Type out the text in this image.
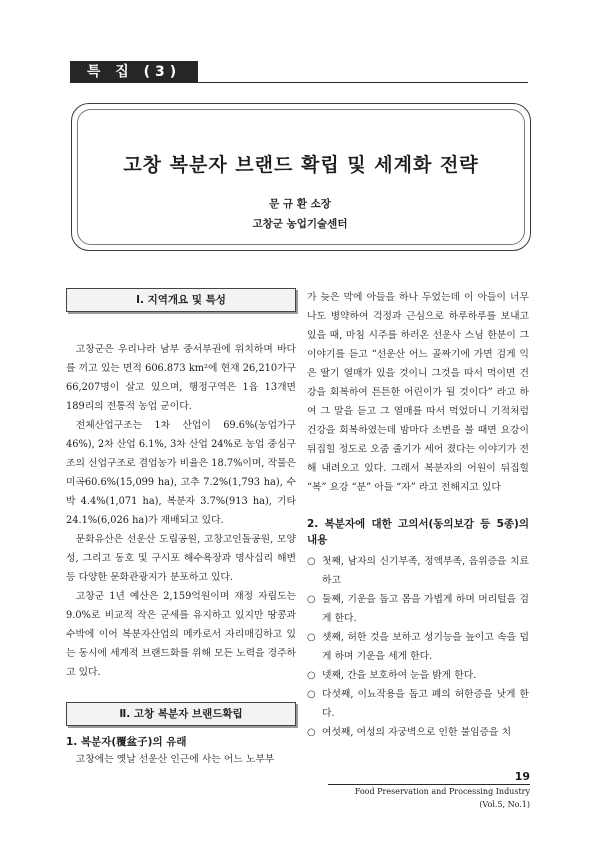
특 집 (3)
고창 복분자 브랜드 확립 및 세계화 전략
문 규 환 소장
고창군 농업기술센터
Ⅰ. 지역개요 및 특성

고창군은 우리나라 남부 중서부권에 위치하며 바다를 끼고 있는 면적 606.873 km²에 현재 26,210가구 66,207명이 살고 있으며, 행정구역은 1읍 13개면 189리의 전통적 농업 군이다.

전체산업구조는 1차 산업이 69.6%(농업가구 46%), 2차 산업 6.1%, 3차 산업 24%로 농업 중심구조의 신업구조로 겸업농가 비율은 18.7%이며, 작물은 미곡60.6%(15,099 ha), 고추 7.2%(1,793 ha), 수박 4.4%(1,071 ha), 복분자 3.7%(913 ha), 기타 24.1%(6,026 ha)가 재배되고 있다.

문화유산은 선운산 도립공원, 고창고인돌공원, 모양성, 그리고 동호 및 구시포 해수욕장과 명사십리 해변 등 다양한 문화관광지가 분포하고 있다.

고창군 1년 예산은 2,159억원이며 재정 자립도는 9.0%로 비교적 작은 군세를 유지하고 있지만 땅콩과 수박에 이어 복분자산업의 메카로서 자리매김하고 있는 동시에 세계적 브랜드화를 위해 모든 노력을 경주하고 있다.

Ⅱ. 고창 복분자 브랜드확립
1. 복분자(覆盆子)의 유래

고창에는 옛날 선운산 인근에 사는 어느 노부부

가 늦은 막에 아들을 하나 두었는데 이 아들이 너무나도 병약하여 걱정과 근심으로 하루하루를 보내고 있을 때, 마침 시주를 하러온 선운사 스님 한분이 그 이야기를 듣고 “선운산 어느 골짜기에 가면 검게 익은 딸기 열매가 있을 것이니 그것을 따서 먹이면 건강을 회복하여 튼튼한 어린이가 될 것이다” 라고 하여 그 말을 듣고 그 열매를 따서 먹었더니 기적처럼 건강을 회복하였는데 밤마다 소변을 볼 때면 요강이 뒤집힐 정도로 오줌 줄기가 세어 졌다는 이야기가 전해 내려오고 있다. 그래서 복분자의 어원이 뒤집힐 “복” 요강 “분” 아들 “자” 라고 전해지고 있다
2. 복분자에 대한 고의서(동의보감 등 5종)의 내용
○ 첫째, 남자의 신기부족, 정액부족, 음위증을 치료하고
○ 둘째, 기운을 돕고 몸을 가볍게 하며 머리털을 검게 한다.
○ 셋째, 허한 것을 보하고 성기능을 높이고 속을 덥게 하며 기운을 세게 한다.
○ 넷째, 간을 보호하여 눈을 밝게 한다.
○ 다섯째, 이뇨작용을 돕고 폐의 허한증을 낫게 한다.
○ 여섯째, 여성의 자궁벽으로 인한 불임증을 치
19
Food Preservation and Processing Industry (Vol.5, No.1)
